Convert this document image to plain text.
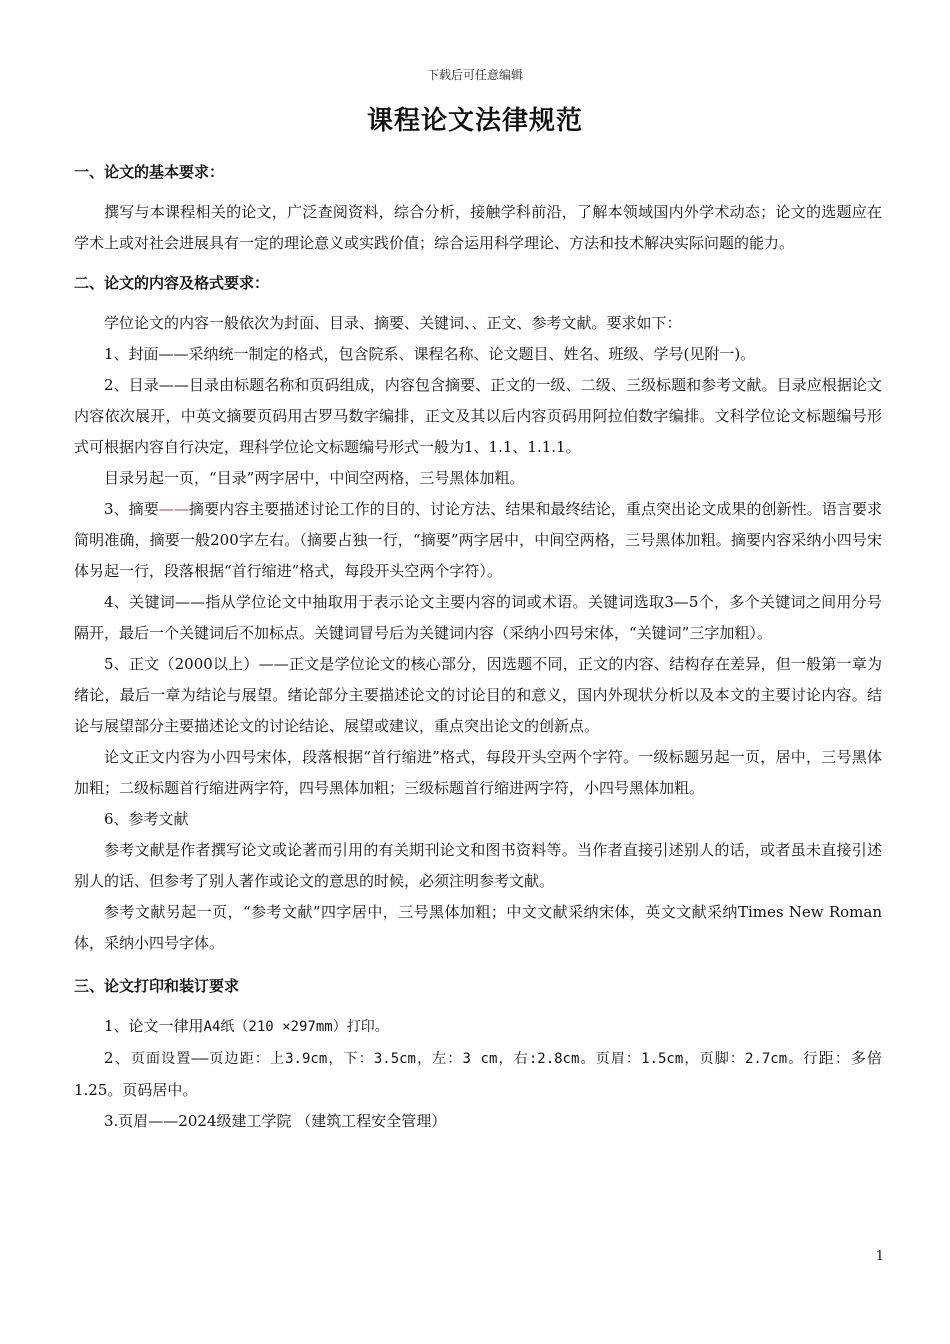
下载后可任意编辑
课程论文法律规范
一、论文的基本要求：

撰写与本课程相关的论文，广泛查阅资料，综合分析，接触学科前沿，了解本领域国内外学术动态；论文的选题应在学术上或对社会进展具有一定的理论意义或实践价值；综合运用科学理论、方法和技术解决实际问题的能力。

二、论文的内容及格式要求：

学位论文的内容一般依次为封面、目录、摘要、关键词、、正文、参考文献。要求如下：

1、封面——采纳统一制定的格式，包含院系、课程名称、论文题目、姓名、班级、学号(见附一)。

2、目录——目录由标题名称和页码组成，内容包含摘要、正文的一级、二级、三级标题和参考文献。目录应根据论文内容依次展开，中英文摘要页码用古罗马数字编排，正文及其以后内容页码用阿拉伯数字编排。文科学位论文标题编号形式可根据内容自行决定，理科学位论文标题编号形式一般为1、1.1、1.1.1。

目录另起一页，“目录”两字居中，中间空两格，三号黑体加粗。

3、摘要——摘要内容主要描述讨论工作的目的、讨论方法、结果和最终结论，重点突出论文成果的创新性。语言要求简明准确，摘要一般200字左右。（摘要占独一行，“摘要”两字居中，中间空两格，三号黑体加粗。摘要内容采纳小四号宋体另起一行，段落根据“首行缩进”格式，每段开头空两个字符）。

4、关键词——指从学位论文中抽取用于表示论文主要内容的词或术语。关键词选取3—5个，多个关键词之间用分号隔开，最后一个关键词后不加标点。关键词冒号后为关键词内容（采纳小四号宋体，“关键词”三字加粗）。

5、正文（2000以上）——正文是学位论文的核心部分，因选题不同，正文的内容、结构存在差异，但一般第一章为绪论，最后一章为结论与展望。绪论部分主要描述论文的讨论目的和意义，国内外现状分析以及本文的主要讨论内容。结论与展望部分主要描述论文的讨论结论、展望或建议，重点突出论文的创新点。

论文正文内容为小四号宋体，段落根据“首行缩进”格式，每段开头空两个字符。一级标题另起一页，居中，三号黑体加粗；二级标题首行缩进两字符，四号黑体加粗；三级标题首行缩进两字符，小四号黑体加粗。

6、参考文献

参考文献是作者撰写论文或论著而引用的有关期刊论文和图书资料等。当作者直接引述别人的话，或者虽未直接引述别人的话、但参考了别人著作或论文的意思的时候，必须注明参考文献。

参考文献另起一页，“参考文献”四字居中，三号黑体加粗；中文文献采纳宋体，英文文献采纳Times New Roman体，采纳小四号字体。

三、论文打印和装订要求

1、论文一律用A4纸（210 ×297mm）打印。

2、页面设置——页边距：上3.9cm，下：3.5cm，左：3 cm，右:2.8cm。页眉：1.5cm，页脚：2.7cm。行距：多倍1.25。页码居中。

3.页眉——2024级建工学院 （建筑工程安全管理）

1
